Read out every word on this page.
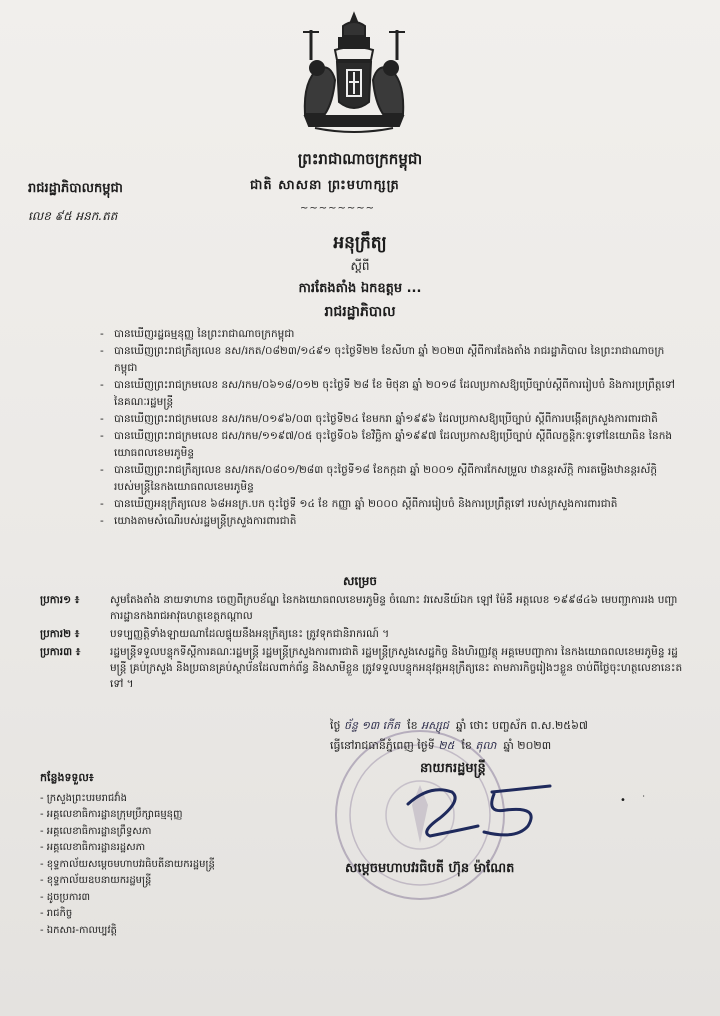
ព្រះរាជាណាចក្រកម្ពុជា
រាជរដ្ឋាភិបាលកម្ពុជា	ជាតិ សាសនា ព្រះមហាក្សត្រ
លេខ ៩៥ អនក.តត
~~~~~~~~
អនុក្រឹត្យ
ស្តីពី
ការតែងតាំង ឯកឧត្តម ...
រាជរដ្ឋាភិបាល
- បានឃើញរដ្ឋធម្មនុញ្ញ នៃព្រះរាជាណាចក្រកម្ពុជា
- បានឃើញព្រះរាជក្រឹត្យលេខ នស/រកត/០៨២៣/១៤៩១ ចុះថ្ងៃទី២២ ខែសីហា ឆ្នាំ ២០២៣ ស្តីពីការតែងតាំង រាជរដ្ឋាភិបាល នៃព្រះរាជាណាចក្រកម្ពុជា
- បានឃើញព្រះរាជក្រមលេខ នស/រកម/០៦១៨/០១២ ចុះថ្ងៃទី ២៨ ខែ មិថុនា ឆ្នាំ ២០១៨ ដែលប្រកាសឱ្យប្រើច្បាប់ស្តីពីការរៀបចំ និងការប្រព្រឹត្តទៅនៃគណៈរដ្ឋមន្ត្រី
- បានឃើញព្រះរាជក្រមលេខ នស/រកម/០១៩៦/០៣ ចុះថ្ងៃទី២៤ ខែមករា ឆ្នាំ១៩៩៦ ដែលប្រកាសឱ្យប្រើច្បាប់ ស្តីពីការបង្កើតក្រសួងការពារជាតិ
- បានឃើញព្រះរាជក្រមលេខ ជស/រកម/១១៩៧/០៥ ចុះថ្ងៃទី០៦ ខែវិច្ឆិកា ឆ្នាំ១៩៩៧ ដែលប្រកាសឱ្យប្រើច្បាប់ ស្តីពីលក្ខន្តិកៈទូទៅនៃយោធិន នៃកងយោធពលខេមរភូមិន្ទ
- បានឃើញព្រះរាជក្រឹត្យលេខ នស/រកត/០៨០១/២៨៣ ចុះថ្ងៃទី១៨ ខែកក្កដា ឆ្នាំ ២០០១ ស្តីពីការកែសម្រួល ឋានន្តរស័ក្តិ ការតម្លើងឋានន្តរស័ក្តិ របស់មន្ត្រីនៃកងយោធពលខេមរភូមិន្ទ
- បានឃើញអនុក្រឹត្យលេខ ៦៨អនក្រ.បក ចុះថ្ងៃទី ១៤ ខែ កញ្ញា ឆ្នាំ ២០០០ ស្តីពីការរៀបចំ និងការប្រព្រឹត្តទៅ របស់ក្រសួងការពារជាតិ
- យោងតាមសំណើរបស់រដ្ឋមន្ត្រីក្រសួងការពារជាតិ
សម្រេច
ប្រការ១ ៖	សូមតែងតាំង នាយទាហាន ចេញពីក្របខ័ណ្ឌ នៃកងយោធពលខេមរភូមិន្ទ ចំណោះ វរសេនីយ៍ឯក ឡៅ ម៉ែនឹ អត្តលេខ ១៩៩៨៤៦ មេបញ្ជាការរង បញ្ជាការដ្ឋានកងរាជអាវុធហត្ថខេត្តកណ្តាល
ប្រការ២ ៖	បទប្បញ្ញត្តិទាំងឡាយណាដែលផ្ទុយនឹងអនុក្រឹត្យនេះ ត្រូវទុកជានិរាករណ៍ ។
ប្រការ៣ ៖	រដ្ឋមន្ត្រីទទួលបន្ទុកទីស្តីការគណៈរដ្ឋមន្ត្រី រដ្ឋមន្ត្រីក្រសួងការពារជាតិ រដ្ឋមន្ត្រីក្រសួងសេដ្ឋកិច្ច និងហិរញ្ញវត្ថុ អគ្គមេបញ្ជាការ នៃកងយោធពលខេមរភូមិន្ទ រដ្ឋមន្ត្រី គ្រប់ក្រសួង និងប្រធានគ្រប់ស្ថាប័នដែលពាក់ព័ន្ធ និងសាមីខ្លួន ត្រូវទទួលបន្ទុកអនុវត្តអនុក្រឹត្យនេះ តាមភារកិច្ចរៀងៗខ្លួន ចាប់ពីថ្ងៃចុះហត្ថលេខានេះតទៅ ។
ថ្ងៃ ច័ន្ទ ១៣ កើត ខែ អស្សុជ ឆ្នាំ ថោះ បញ្ចស័ក ព.ស.២៥៦៧
ធ្វើនៅរាជធានីភ្នំពេញ ថ្ងៃទី ២៥ ខែ តុលា ឆ្នាំ ២០២៣
នាយករដ្ឋមន្ត្រី
សម្តេចមហាបវរធិបតី ហ៊ុន ម៉ាណែត
កន្លែងទទួល៖
- ក្រសួងព្រះបរមរាជវាំង
- អគ្គលេខាធិការដ្ឋានក្រុមប្រឹក្សាធម្មនុញ្ញ
- អគ្គលេខាធិការដ្ឋានព្រឹទ្ធសភា
- អគ្គលេខាធិការដ្ឋានរដ្ឋសភា
- ខុទ្ទកាល័យសម្តេចមហាបវរធិបតីនាយករដ្ឋមន្ត្រី
- ខុទ្ទកាល័យឧបនាយករដ្ឋមន្ត្រី
- ដូចប្រការ៣
- រាជកិច្ច
- ឯកសារ-កាលប្បវត្តិ
• ˙
